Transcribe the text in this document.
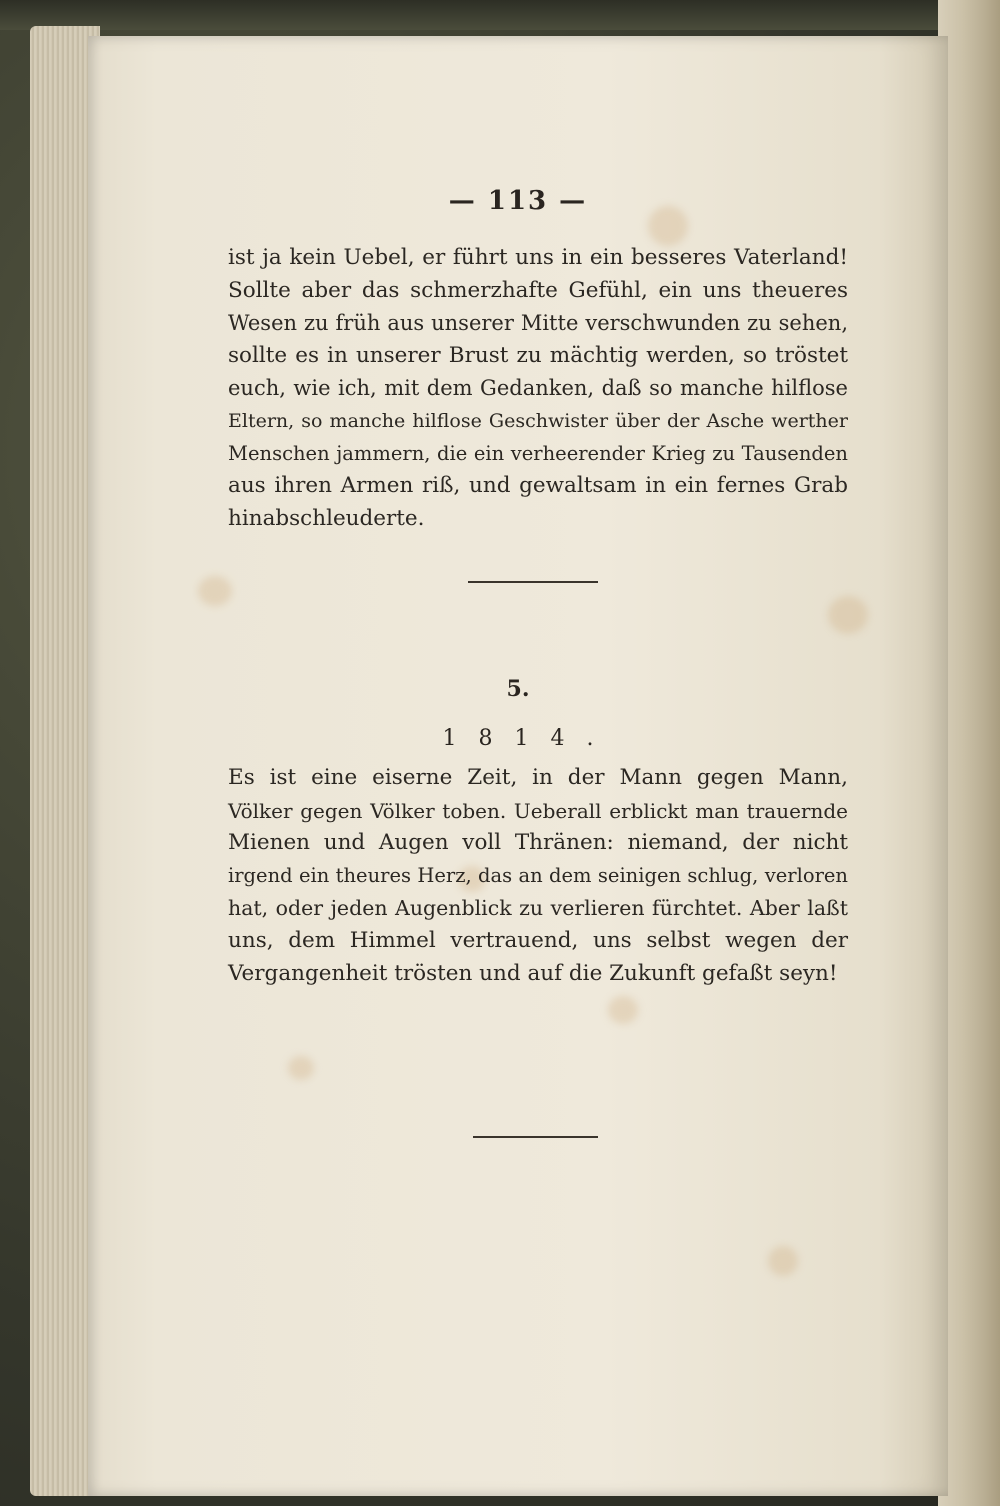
— 113 —
ist ja kein Uebel, er führt uns in ein besseres Vaterland!
Sollte aber das schmerzhafte Gefühl, ein uns theueres
Wesen zu früh aus unserer Mitte verschwunden zu sehen,
sollte es in unserer Brust zu mächtig werden, so tröstet
euch, wie ich, mit dem Gedanken, daß so manche hilflose
Eltern, so manche hilflose Geschwister über der Asche werther
Menschen jammern, die ein verheerender Krieg zu Tausenden
aus ihren Armen riß, und gewaltsam in ein fernes Grab
hinabschleuderte.
5.
1814.
Es ist eine eiserne Zeit, in der Mann gegen Mann,
Völker gegen Völker toben. Ueberall erblickt man trauernde
Mienen und Augen voll Thränen: niemand, der nicht
irgend ein theures Herz, das an dem seinigen schlug, verloren
hat, oder jeden Augenblick zu verlieren fürchtet. Aber laßt
uns, dem Himmel vertrauend, uns selbst wegen der
Vergangenheit trösten und auf die Zukunft gefaßt seyn!
